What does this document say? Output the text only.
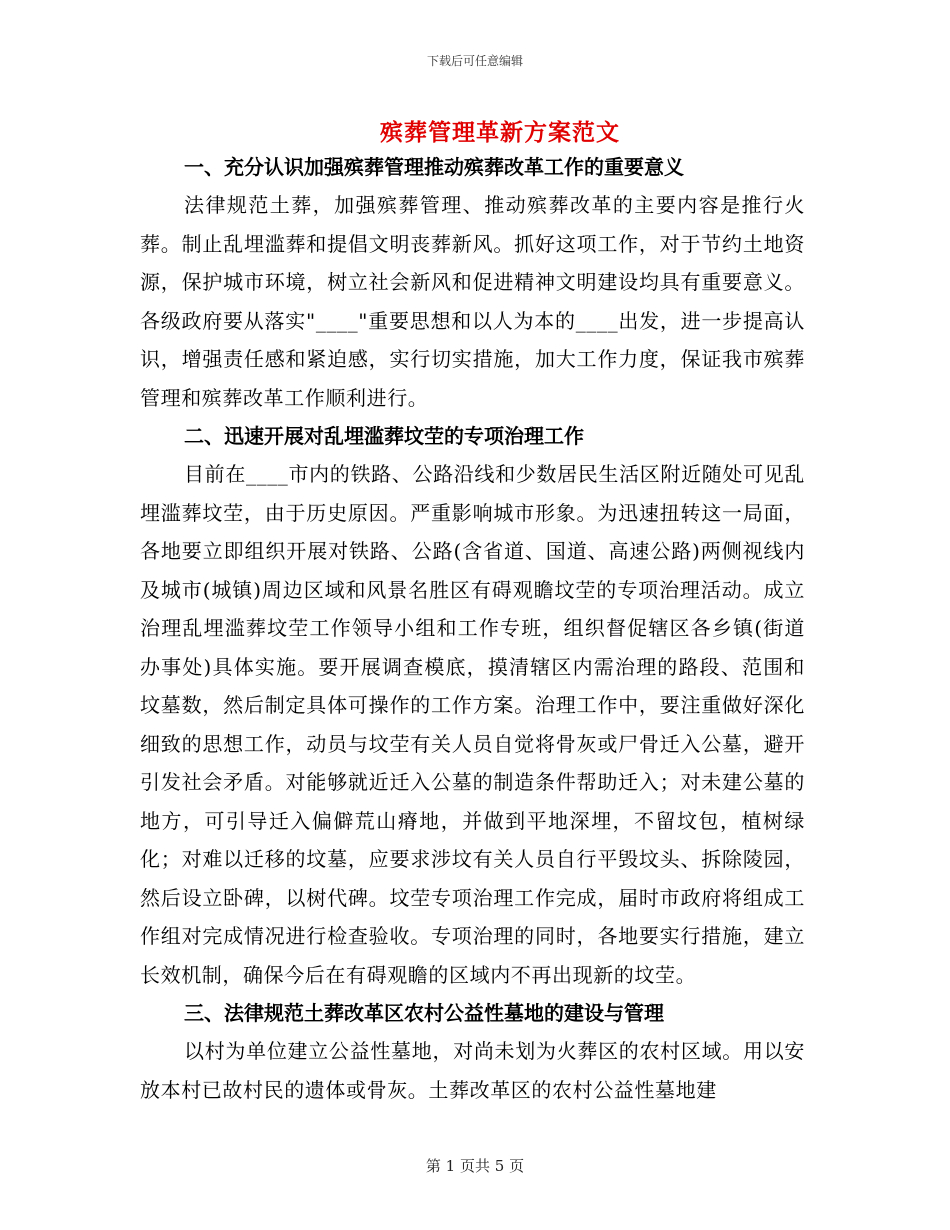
下载后可任意编辑
殡葬管理革新方案范文

一、充分认识加强殡葬管理推动殡葬改革工作的重要意义

法律规范土葬，加强殡葬管理、推动殡葬改革的主要内容是推行火葬。制止乱埋滥葬和提倡文明丧葬新风。抓好这项工作，对于节约土地资源，保护城市环境，树立社会新风和促进精神文明建设均具有重要意义。各级政府要从落实"____"重要思想和以人为本的____出发，进一步提高认识，增强责任感和紧迫感，实行切实措施，加大工作力度，保证我市殡葬管理和殡葬改革工作顺利进行。

二、迅速开展对乱埋滥葬坟茔的专项治理工作

目前在____市内的铁路、公路沿线和少数居民生活区附近随处可见乱埋滥葬坟茔，由于历史原因。严重影响城市形象。为迅速扭转这一局面，各地要立即组织开展对铁路、公路(含省道、国道、高速公路)两侧视线内及城市(城镇)周边区域和风景名胜区有碍观瞻坟茔的专项治理活动。成立治理乱埋滥葬坟茔工作领导小组和工作专班，组织督促辖区各乡镇(街道办事处)具体实施。要开展调查模底，摸清辖区内需治理的路段、范围和坟墓数，然后制定具体可操作的工作方案。治理工作中，要注重做好深化细致的思想工作，动员与坟茔有关人员自觉将骨灰或尸骨迁入公墓，避开引发社会矛盾。对能够就近迁入公墓的制造条件帮助迁入；对未建公墓的地方，可引导迁入偏僻荒山瘠地，并做到平地深埋，不留坟包，植树绿化；对难以迁移的坟墓，应要求涉坟有关人员自行平毁坟头、拆除陵园，然后设立卧碑，以树代碑。坟茔专项治理工作完成，届时市政府将组成工作组对完成情况进行检查验收。专项治理的同时，各地要实行措施，建立长效机制，确保今后在有碍观瞻的区域内不再出现新的坟茔。

三、法律规范土葬改革区农村公益性墓地的建设与管理

以村为单位建立公益性墓地，对尚未划为火葬区的农村区域。用以安放本村已故村民的遗体或骨灰。土葬改革区的农村公益性墓地建

第 1 页共 5 页
